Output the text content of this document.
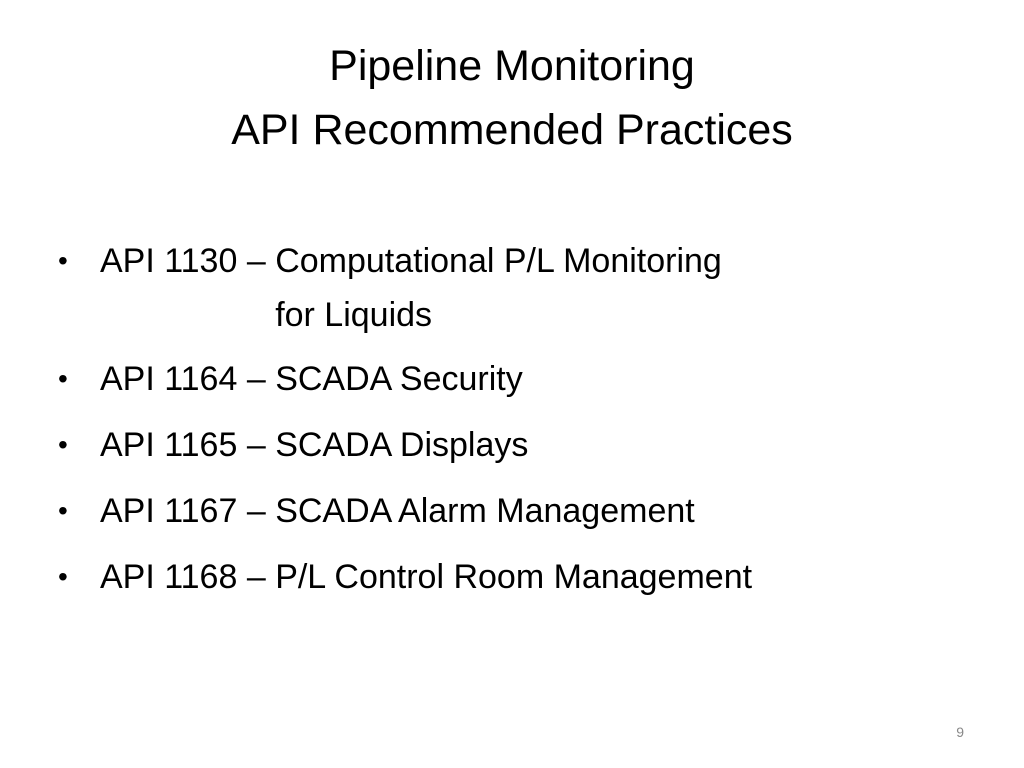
Pipeline Monitoring
API Recommended Practices
• API 1130 – Computational P/L Monitoring
for Liquids
• API 1164 – SCADA Security
• API 1165 – SCADA Displays
• API 1167 – SCADA Alarm Management
• API 1168 – P/L Control Room Management
9
